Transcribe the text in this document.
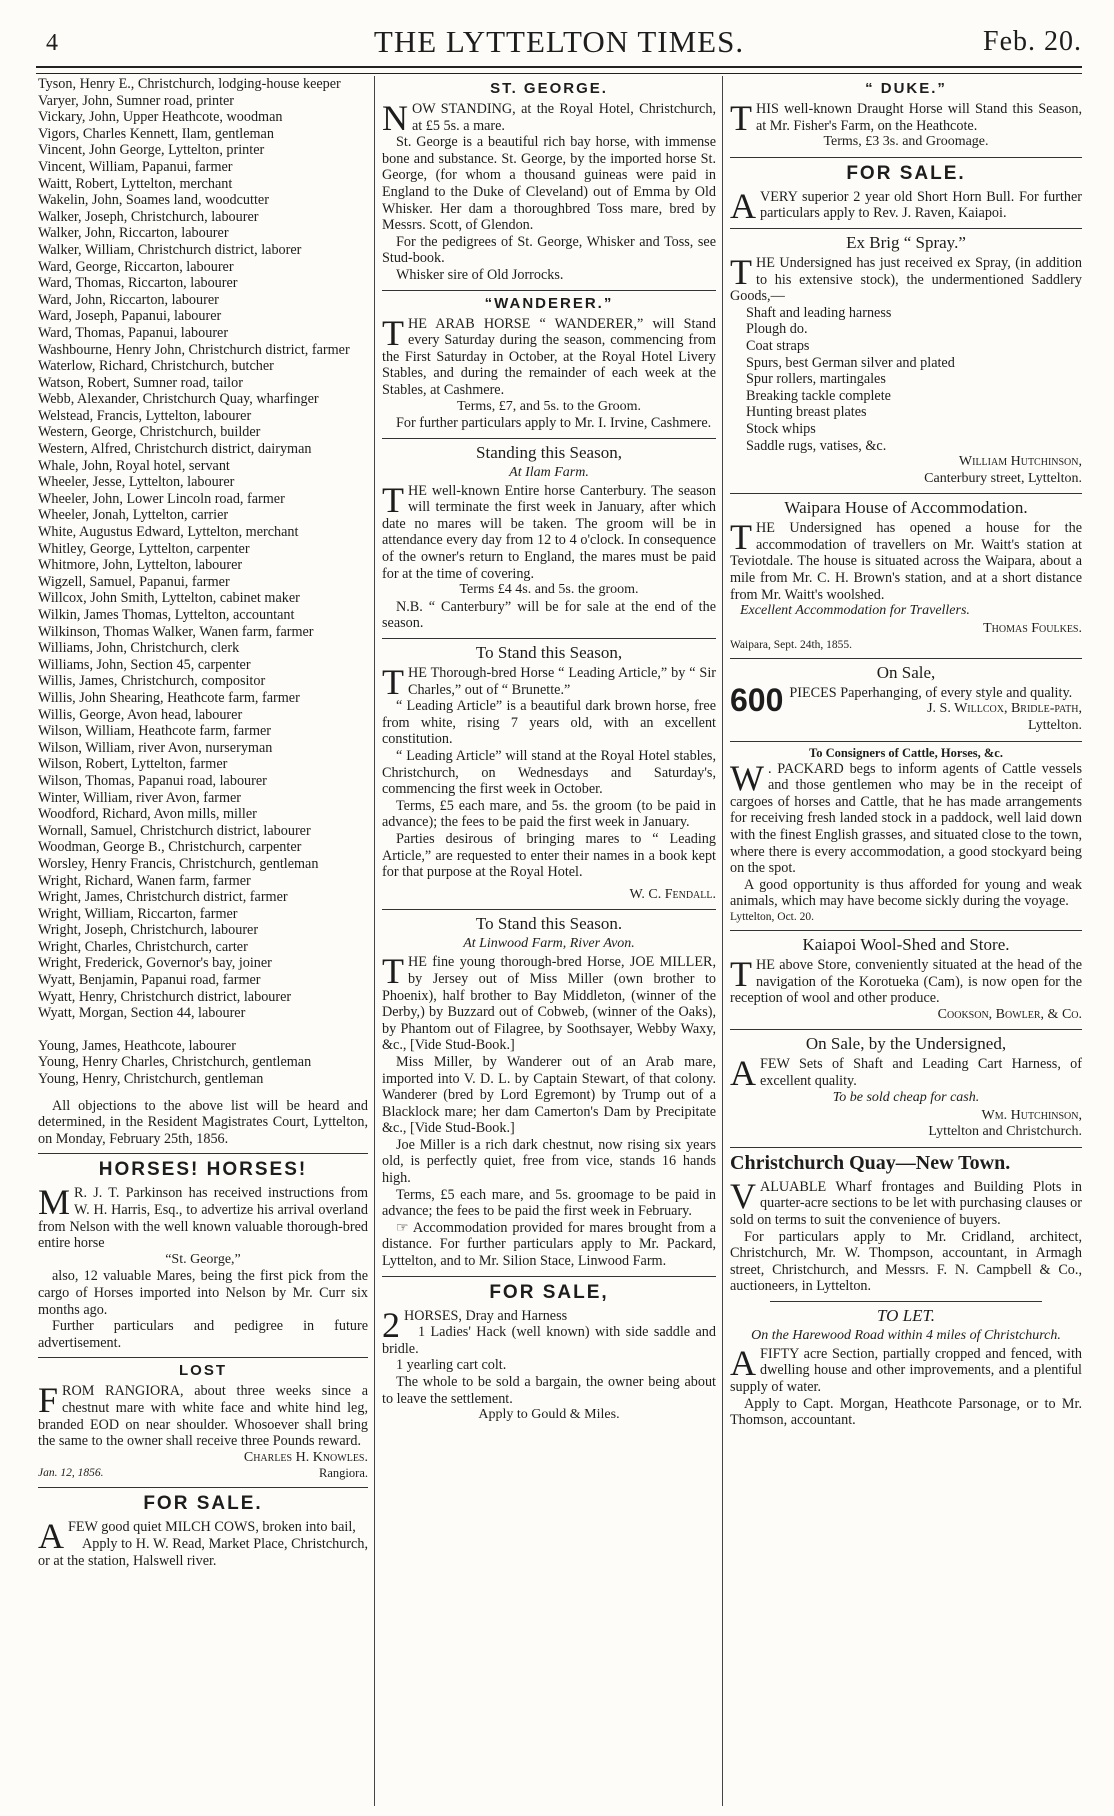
4	THE LYTTELTON TIMES.	Feb. 20.
Tyson, Henry E., Christchurch, lodging-house keeper
Varyer, John, Sumner road, printer
Vickary, John, Upper Heathcote, woodman
Vigors, Charles Kennett, Ilam, gentleman
Vincent, John George, Lyttelton, printer
Vincent, William, Papanui, farmer
Waitt, Robert, Lyttelton, merchant
Wakelin, John, Soames land, woodcutter
Walker, Joseph, Christchurch, labourer
Walker, John, Riccarton, labourer
Walker, William, Christchurch district, laborer
Ward, George, Riccarton, labourer
Ward, Thomas, Riccarton, labourer
Ward, John, Riccarton, labourer
Ward, Joseph, Papanui, labourer
Ward, Thomas, Papanui, labourer
Washbourne, Henry John, Christchurch district, farmer
Waterlow, Richard, Christchurch, butcher
Watson, Robert, Sumner road, tailor
Webb, Alexander, Christchurch Quay, wharfinger
Welstead, Francis, Lyttelton, labourer
Western, George, Christchurch, builder
Western, Alfred, Christchurch district, dairyman
Whale, John, Royal hotel, servant
Wheeler, Jesse, Lyttelton, labourer
Wheeler, John, Lower Lincoln road, farmer
Wheeler, Jonah, Lyttelton, carrier
White, Augustus Edward, Lyttelton, merchant
Whitley, George, Lyttelton, carpenter
Whitmore, John, Lyttelton, labourer
Wigzell, Samuel, Papanui, farmer
Willcox, John Smith, Lyttelton, cabinet maker
Wilkin, James Thomas, Lyttelton, accountant
Wilkinson, Thomas Walker, Wanen farm, farmer
Williams, John, Christchurch, clerk
Williams, John, Section 45, carpenter
Willis, James, Christchurch, compositor
Willis, John Shearing, Heathcote farm, farmer
Willis, George, Avon head, labourer
Wilson, William, Heathcote farm, farmer
Wilson, William, river Avon, nurseryman
Wilson, Robert, Lyttelton, farmer
Wilson, Thomas, Papanui road, labourer
Winter, William, river Avon, farmer
Woodford, Richard, Avon mills, miller
Wornall, Samuel, Christchurch district, labourer
Woodman, George B., Christchurch, carpenter
Worsley, Henry Francis, Christchurch, gentleman
Wright, Richard, Wanen farm, farmer
Wright, James, Christchurch district, farmer
Wright, William, Riccarton, farmer
Wright, Joseph, Christchurch, labourer
Wright, Charles, Christchurch, carter
Wright, Frederick, Governor's bay, joiner
Wyatt, Benjamin, Papanui road, farmer
Wyatt, Henry, Christchurch district, labourer
Wyatt, Morgan, Section 44, labourer
Young, James, Heathcote, labourer
Young, Henry Charles, Christchurch, gentleman
Young, Henry, Christchurch, gentleman

All objections to the above list will be heard and determined, in the Resident Magistrates Court, Lyttelton, on Monday, February 25th, 1856.

HORSES! HORSES!

M R. J. T. Parkinson has received instructions from W. H. Harris, Esq., to advertize his arrival overland from Nelson with the well known valuable thorough-bred entire horse

“St. George,”

also, 12 valuable Mares, being the first pick from the cargo of Horses imported into Nelson by Mr. Curr six months ago.

Further particulars and pedigree in future advertisement.

LOST

FROM RANGIORA, about three weeks since a chestnut mare with white face and white hind leg, branded EOD on near shoulder. Whosoever shall bring the same to the owner shall receive three Pounds reward.

Charles H. Knowles.
Jan. 12, 1856.	Rangiora.
FOR SALE.

AFEW good quiet MILCH COWS, broken into bail,

Apply to H. W. Read, Market Place, Christchurch, or at the station, Halswell river.

ST. GEORGE.

NOW STANDING, at the Royal Hotel, Christchurch, at £5 5s. a mare.

St. George is a beautiful rich bay horse, with immense bone and substance. St. George, by the imported horse St. George, (for whom a thousand guineas were paid in England to the Duke of Cleveland) out of Emma by Old Whisker. Her dam a thoroughbred Toss mare, bred by Messrs. Scott, of Glendon.

For the pedigrees of St. George, Whisker and Toss, see Stud-book.

Whisker sire of Old Jorrocks.

“WANDERER.”

THE ARAB HORSE “ WANDERER,” will Stand every Saturday during the season, commencing from the First Saturday in October, at the Royal Hotel Livery Stables, and during the remainder of each week at the Stables, at Cashmere.

Terms, £7, and 5s. to the Groom.

For further particulars apply to Mr. I. Irvine, Cashmere.

Standing this Season,
At Ilam Farm.

THE well-known Entire horse Canterbury. The season will terminate the first week in January, after which date no mares will be taken. The groom will be in attendance every day from 12 to 4 o'clock. In consequence of the owner's return to England, the mares must be paid for at the time of covering.

Terms £4 4s. and 5s. the groom.

N.B. “ Canterbury” will be for sale at the end of the season.

To Stand this Season,

THE Thorough-bred Horse “ Leading Article,” by “ Sir Charles,” out of “ Brunette.”

“ Leading Article” is a beautiful dark brown horse, free from white, rising 7 years old, with an excellent constitution.

“ Leading Article” will stand at the Royal Hotel stables, Christchurch, on Wednesdays and Saturday's, commencing the first week in October.

Terms, £5 each mare, and 5s. the groom (to be paid in advance); the fees to be paid the first week in January.

Parties desirous of bringing mares to “ Leading Article,” are requested to enter their names in a book kept for that purpose at the Royal Hotel.

W. C. Fendall.
To Stand this Season.
At Linwood Farm, River Avon.

THE fine young thorough-bred Horse, JOE MILLER, by Jersey out of Miss Miller (own brother to Phoenix), half brother to Bay Middleton, (winner of the Derby,) by Buzzard out of Cobweb, (winner of the Oaks), by Phantom out of Filagree, by Soothsayer, Webby Waxy, &c., [Vide Stud-Book.]

Miss Miller, by Wanderer out of an Arab mare, imported into V. D. L. by Captain Stewart, of that colony. Wanderer (bred by Lord Egremont) by Trump out of a Blacklock mare; her dam Camerton's Dam by Precipitate &c., [Vide Stud-Book.]

Joe Miller is a rich dark chestnut, now rising six years old, is perfectly quiet, free from vice, stands 16 hands high.

Terms, £5 each mare, and 5s. groomage to be paid in advance; the fees to be paid the first week in February.

☞ Accommodation provided for mares brought from a distance. For further particulars apply to Mr. Packard, Lyttelton, and to Mr. Silion Stace, Linwood Farm.

FOR SALE,

2 HORSES, Dray and Harness

1 Ladies' Hack (well known) with side saddle and bridle.

1 yearling cart colt.

The whole to be sold a bargain, the owner being about to leave the settlement.

Apply to Gould & Miles.
“ DUKE.”

THIS well-known Draught Horse will Stand this Season, at Mr. Fisher's Farm, on the Heathcote.

Terms, £3 3s. and Groomage.
FOR SALE.

AVERY superior 2 year old Short Horn Bull. For further particulars apply to Rev. J. Raven, Kaiapoi.

Ex Brig “ Spray.”

THE Undersigned has just received ex Spray, (in addition to his extensive stock), the undermentioned Saddlery Goods,—

Shaft and leading harness
Plough do.
Coat straps
Spurs, best German silver and plated
Spur rollers, martingales
Breaking tackle complete
Hunting breast plates
Stock whips
Saddle rugs, vatises, &c.
William Hutchinson,
Canterbury street, Lyttelton.
Waipara House of Accommodation.

THE Undersigned has opened a house for the accommodation of travellers on Mr. Waitt's station at Teviotdale. The house is situated across the Waipara, about a mile from Mr. C. H. Brown's station, and at a short distance from Mr. Waitt's woolshed.

Excellent Accommodation for Travellers.
Thomas Foulkes.
Waipara, Sept. 24th, 1855.
On Sale,

600 PIECES Paperhanging, of every style and quality.

J. S. Willcox, Bridle-path,
Lyttelton.
To Consigners of Cattle, Horses, &c.

W . PACKARD begs to inform agents of Cattle vessels and those gentlemen who may be in the receipt of cargoes of horses and Cattle, that he has made arrangements for receiving fresh landed stock in a paddock, well laid down with the finest English grasses, and situated close to the town, where there is every accommodation, a good stockyard being on the spot.

A good opportunity is thus afforded for young and weak animals, which may have become sickly during the voyage.

Lyttelton, Oct. 20.
Kaiapoi Wool-Shed and Store.

THE above Store, conveniently situated at the head of the navigation of the Korotueka (Cam), is now open for the reception of wool and other produce.

Cookson, Bowler, & Co.
On Sale, by the Undersigned,

AFEW Sets of Shaft and Leading Cart Harness, of excellent quality.

To be sold cheap for cash.
Wm. Hutchinson,
Lyttelton and Christchurch.
Christchurch Quay—New Town.

VALUABLE Wharf frontages and Building Plots in quarter-acre sections to be let with purchasing clauses or sold on terms to suit the convenience of buyers.

For particulars apply to Mr. Cridland, architect, Christchurch, Mr. W. Thompson, accountant, in Armagh street, Christchurch, and Messrs. F. N. Campbell & Co., auctioneers, in Lyttelton.

TO LET.
On the Harewood Road within 4 miles of Christchurch.

AFIFTY acre Section, partially cropped and fenced, with dwelling house and other improvements, and a plentiful supply of water.

Apply to Capt. Morgan, Heathcote Parsonage, or to Mr. Thomson, accountant.
